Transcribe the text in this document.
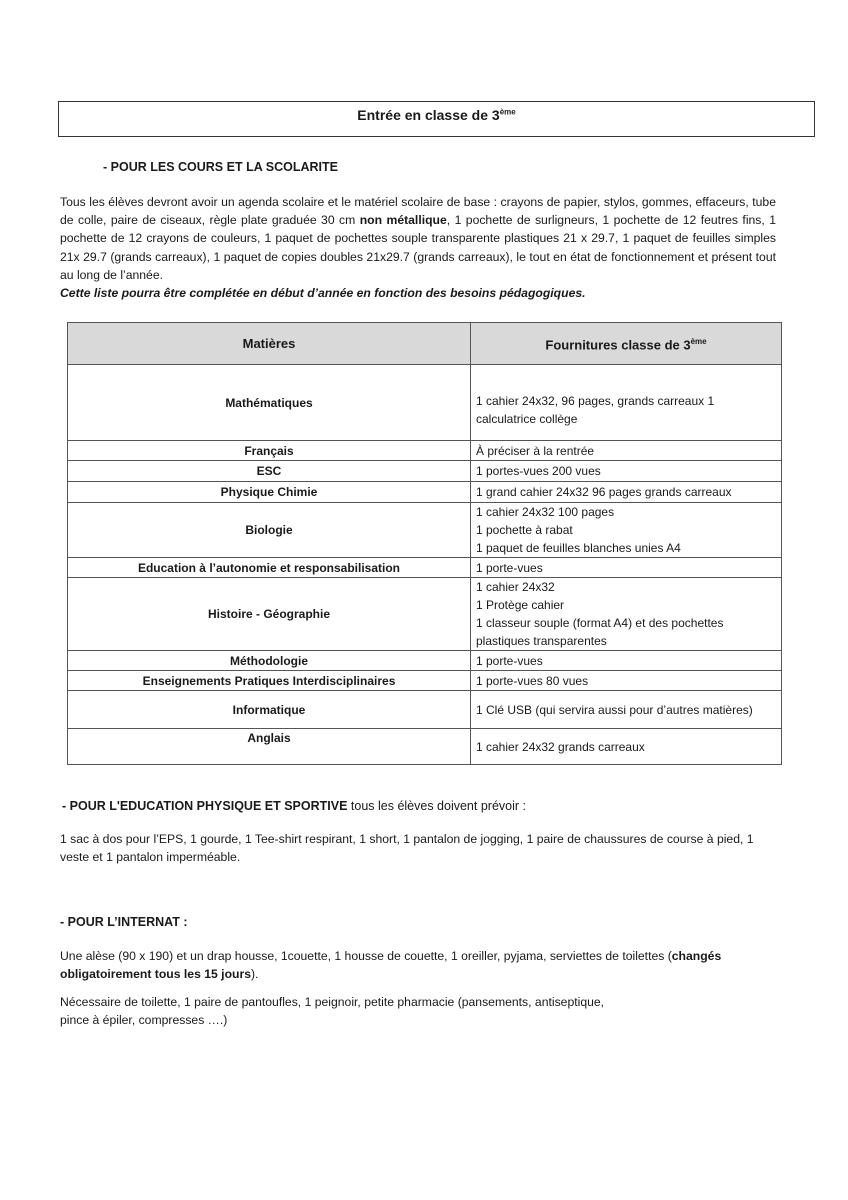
Entrée en classe de 3ème
- POUR LES COURS ET LA SCOLARITE
Tous les élèves devront avoir un agenda scolaire et le matériel scolaire de base : crayons de papier, stylos, gommes, effaceurs, tube de colle, paire de ciseaux, règle plate graduée 30 cm non métallique, 1 pochette de surligneurs, 1 pochette de 12 feutres fins, 1 pochette de 12 crayons de couleurs, 1 paquet de pochettes souple transparente plastiques 21 x 29.7, 1 paquet de feuilles simples 21x 29.7 (grands carreaux), 1 paquet de copies doubles 21x29.7 (grands carreaux), le tout en état de fonctionnement et présent tout au long de l’année.
Cette liste pourra être complétée en début d’année en fonction des besoins pédagogiques.
Matières	Fournitures classe de 3ème
Mathématiques	1 cahier 24x32, 96 pages, grands carreaux 1 calculatrice collège
Français	À préciser à la rentrée
ESC	1 portes-vues 200 vues
Physique Chimie	1 grand cahier 24x32 96 pages grands carreaux
Biologie	1 cahier 24x32 100 pages
1 pochette à rabat
1 paquet de feuilles blanches unies A4
Education à l’autonomie et responsabilisation	1 porte-vues
Histoire - Géographie	1 cahier 24x32
1 Protège cahier
1 classeur souple (format A4) et des pochettes plastiques transparentes
Méthodologie	1 porte-vues
Enseignements Pratiques Interdisciplinaires	1 porte-vues 80 vues
Informatique	1 Clé USB (qui servira aussi pour d’autres matières)
Anglais	1 cahier 24x32 grands carreaux
- POUR L'EDUCATION PHYSIQUE ET SPORTIVE tous les élèves doivent prévoir :
1 sac à dos pour l’EPS, 1 gourde, 1 Tee-shirt respirant, 1 short, 1 pantalon de jogging, 1 paire de chaussures de course à pied, 1 veste et 1 pantalon imperméable.
- POUR L’INTERNAT :
Une alèse (90 x 190) et un drap housse, 1couette, 1 housse de couette, 1 oreiller, pyjama, serviettes de toilettes (changés obligatoirement tous les 15 jours).
Nécessaire de toilette, 1 paire de pantoufles, 1 peignoir, petite pharmacie (pansements, antiseptique,
pince à épiler, compresses ….)
